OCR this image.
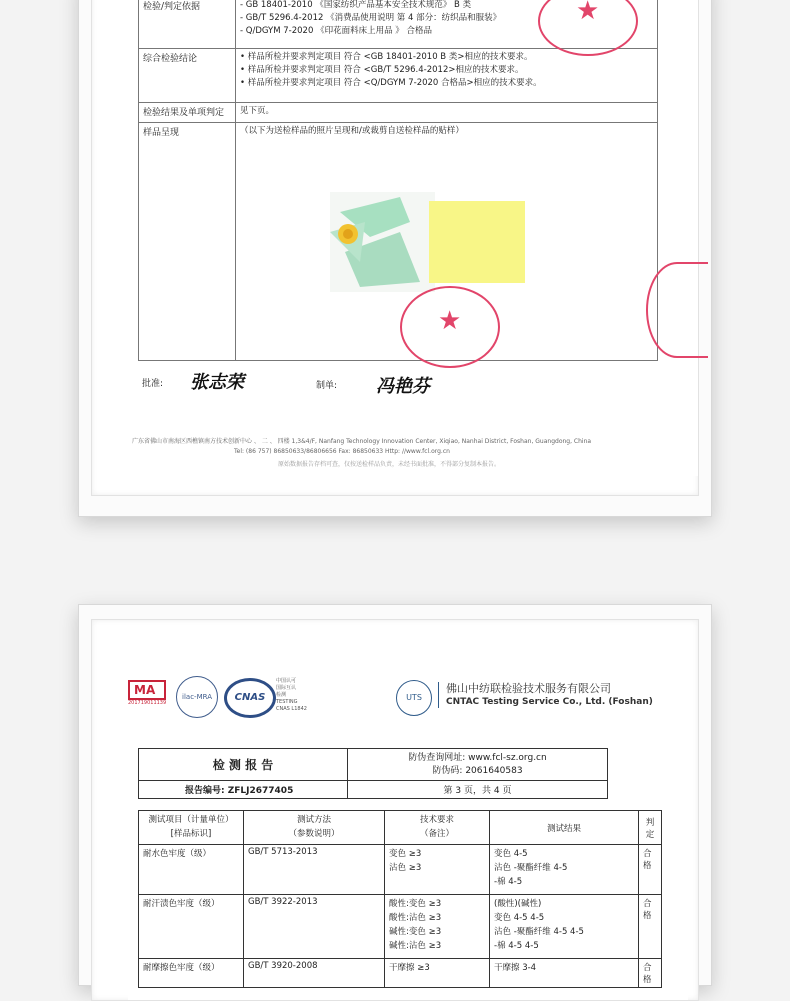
检验/判定依据	- GB 18401-2010 《国家纺织产品基本安全技术规范》 B 类
- GB/T 5296.4-2012 《消费品使用说明 第 4 部分：纺织品和服装》
- Q/DGYM 7-2020 《印花面料床上用品 》 合格品

综合检验结论	• 样品所检并要求判定项目 符合 <GB 18401-2010 B 类>相应的技术要求。
• 样品所检并要求判定项目 符合 <GB/T 5296.4-2012>相应的技术要求。
• 样品所检并要求判定项目 符合 <Q/DGYM 7-2020 合格品>相应的技术要求。

检验结果及单项判定	见下页。

样品呈现	（以下为送检样品的照片呈现和/或裁剪自送检样品的贴样）
★
★
批准: 张志荣	制单: 冯艳芬
广东省佛山市南海区西樵镇南方技术创新中心 、 二 、 四楼 1,3&4/F, Nanfang Technology Innovation Center, Xiqiao, Nanhai District, Foshan, Guangdong, China
Tel: (86 757) 86850633/86806656 Fax: 86850633 Http: //www.fcl.org.cn
原始数据报告存档可查，仅按送检样品负责，未经书面批准，不得部分复制本报告。
MA
201719011139
ilac-MRA	CNAS
中国认可
国际互认
检测
TESTING
CNAS L1842
UTS
佛山中纺联检验技术服务有限公司
CNTAC Testing Service Co., Ltd. (Foshan)
检 测 报 告	防伪查询网址: www.fcl-sz.org.cn
防伪码: 2061640583

报告编号: ZFLJ2677405	第 3 页，共 4 页
测试项目（计量单位）
[样品标识]	测试方法
（参数说明）	技术要求
（备注）	测试结果	判定
耐水色牢度（级）	GB/T 5713-2013	变色 ≥3
沾色 ≥3	变色 4-5
沾色 -聚酯纤维 4-5
-棉 4-5	合格
耐汗渍色牢度（级）	GB/T 3922-2013	酸性:变色 ≥3
酸性:沾色 ≥3
碱性:变色 ≥3
碱性:沾色 ≥3	(酸性)(碱性)
变色 4-5 4-5
沾色 -聚酯纤维 4-5 4-5
-棉 4-5 4-5	合格
耐摩擦色牢度（级）	GB/T 3920-2008	干摩擦 ≥3	干摩擦 3-4	合格
